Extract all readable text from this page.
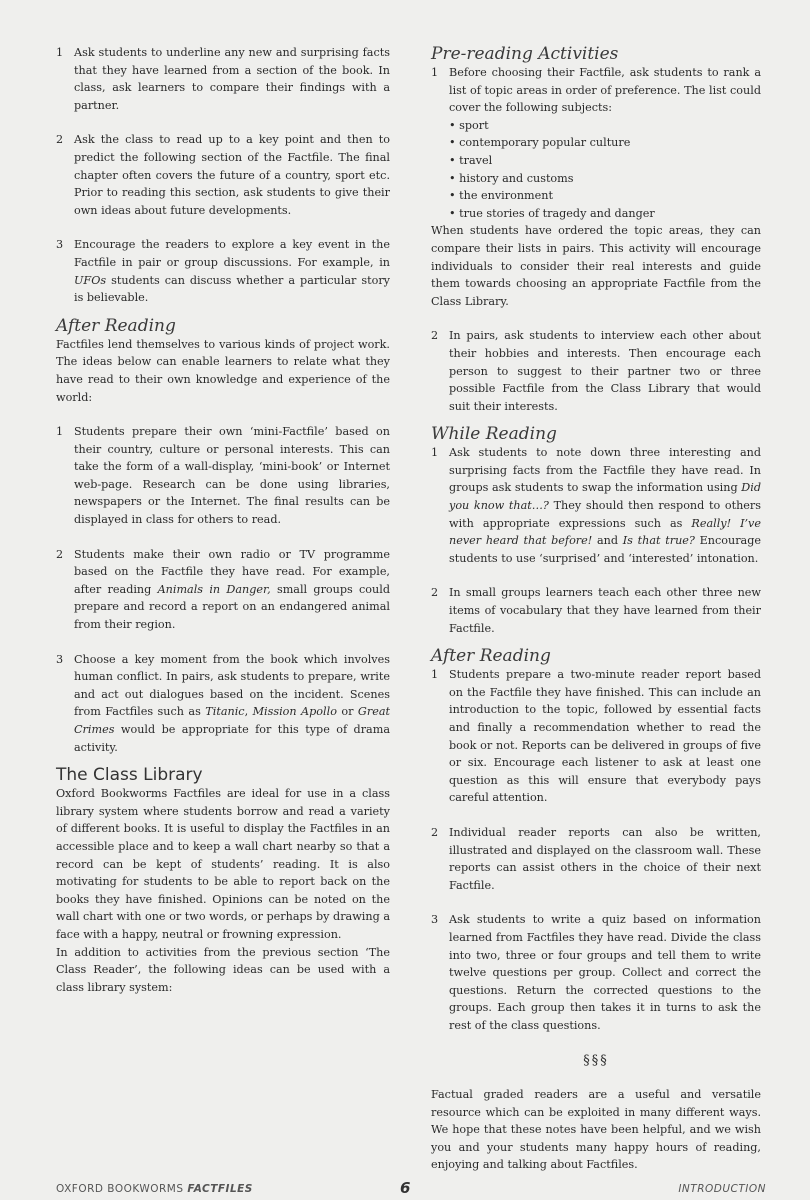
1 Ask students to underline any new and surprising facts that they have learned from a section of the book. In class, ask learners to compare their findings with a partner.

2 Ask the class to read up to a key point and then to predict the following section of the Factfile. The final chapter often covers the future of a country, sport etc. Prior to reading this section, ask students to give their own ideas about future developments.

3 Encourage the readers to explore a key event in the Factfile in pair or group discussions. For example, in UFOs students can discuss whether a particular story is believable.

After Reading

Factfiles lend themselves to various kinds of project work. The ideas below can enable learners to relate what they have read to their own knowledge and experience of the world:

1 Students prepare their own ‘mini-Factfile’ based on their country, culture or personal interests. This can take the form of a wall-display, ‘mini-book’ or Internet web-page. Research can be done using libraries, newspapers or the Internet. The final results can be displayed in class for others to read.

2 Students make their own radio or TV programme based on the Factfile they have read. For example, after reading Animals in Danger, small groups could prepare and record a report on an endangered animal from their region.

3 Choose a key moment from the book which involves human conflict. In pairs, ask students to prepare, write and act out dialogues based on the incident. Scenes from Factfiles such as Titanic, Mission Apollo or Great Crimes would be appropriate for this type of drama activity.

The Class Library

Oxford Bookworms Factfiles are ideal for use in a class library system where students borrow and read a variety of different books. It is useful to display the Factfiles in an accessible place and to keep a wall chart nearby so that a record can be kept of students’ reading. It is also motivating for students to be able to report back on the books they have finished. Opinions can be noted on the wall chart with one or two words, or perhaps by drawing a face with a happy, neutral or frowning expression.

In addition to activities from the previous section ‘The Class Reader’, the following ideas can be used with a class library system:

Pre-reading Activities
1 Before choosing their Factfile, ask students to rank a list of topic areas in order of preference. The list could cover the following subjects:

• sport
• contemporary popular culture
• travel
• history and customs
• the environment
• true stories of tragedy and danger

When students have ordered the topic areas, they can compare their lists in pairs. This activity will encourage individuals to consider their real interests and guide them towards choosing an appropriate Factfile from the Class Library.

2 In pairs, ask students to interview each other about their hobbies and interests. Then encourage each person to suggest to their partner two or three possible Factfile from the Class Library that would suit their interests.

While Reading
1 Ask students to note down three interesting and surprising facts from the Factfile they have read. In groups ask students to swap the information using Did you know that…? They should then respond to others with appropriate expressions such as Really! I’ve never heard that before! and Is that true? Encourage students to use ‘surprised’ and ‘interested’ intonation.

2 In small groups learners teach each other three new items of vocabulary that they have learned from their Factfile.

After Reading
1 Students prepare a two-minute reader report based on the Factfile they have finished. This can include an introduction to the topic, followed by essential facts and finally a recommendation whether to read the book or not. Reports can be delivered in groups of five or six. Encourage each listener to ask at least one question as this will ensure that everybody pays careful attention.

2 Individual reader reports can also be written, illustrated and displayed on the classroom wall. These reports can assist others in the choice of their next Factfile.

3 Ask students to write a quiz based on information learned from Factfiles they have read. Divide the class into two, three or four groups and tell them to write twelve questions per group. Collect and correct the questions. Return the corrected questions to the groups. Each group then takes it in turns to ask the rest of the class questions.

§§§

Factual graded readers are a useful and versatile resource which can be exploited in many different ways. We hope that these notes have been helpful, and we wish you and your students many happy hours of reading, enjoying and talking about Factfiles.

OXFORD BOOKWORMS FACTFILES	6	INTRODUCTION
